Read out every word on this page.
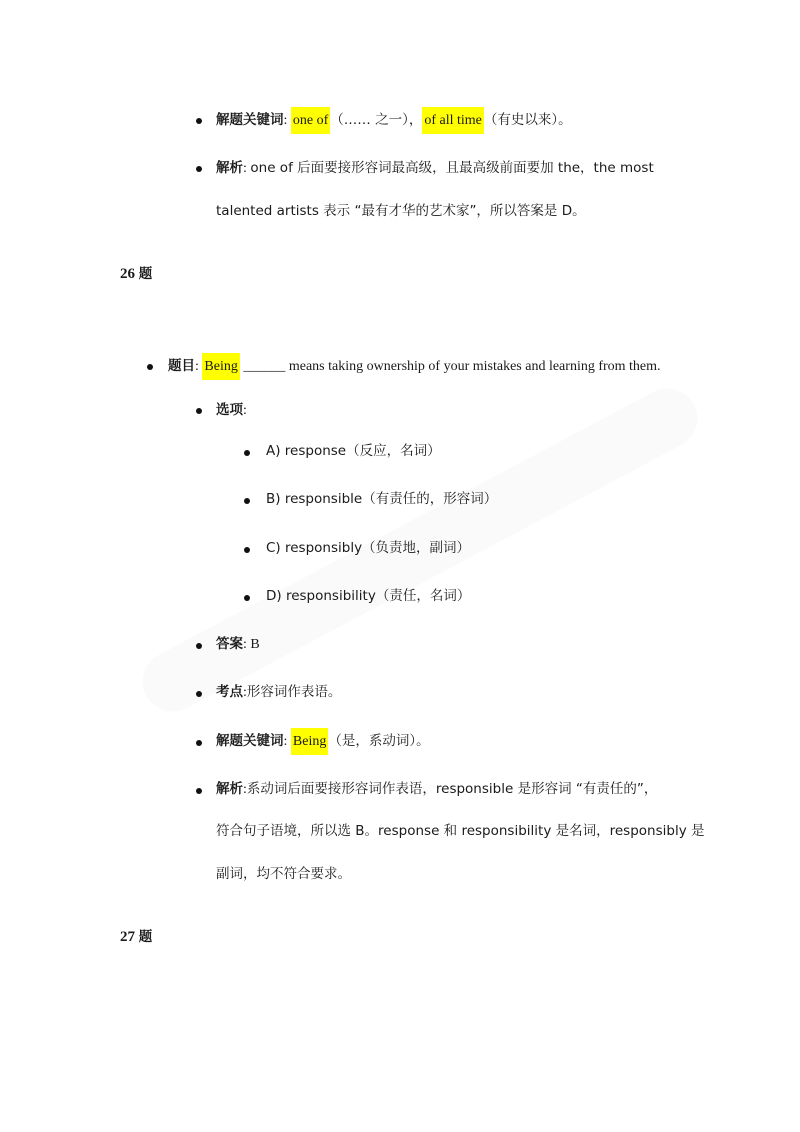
解题关键词: one of （…… 之一）， of all time （有史以来）。
解析: one of 后面要接形容词最高级，且最高级前面要加 the，the most
talented artists 表示 “最有才华的艺术家”，所以答案是 D。
26 题
题目: Being ______ means taking ownership of your mistakes and learning from them.
选项:
A) response（反应，名词）
B) responsible（有责任的，形容词）
C) responsibly（负责地，副词）
D) responsibility（责任，名词）
答案: B
考点:形容词作表语。
解题关键词: Being （是，系动词）。
解析:系动词后面要接形容词作表语，responsible 是形容词 “有责任的”，
符合句子语境，所以选 B。response 和 responsibility 是名词，responsibly 是
副词，均不符合要求。
27 题
